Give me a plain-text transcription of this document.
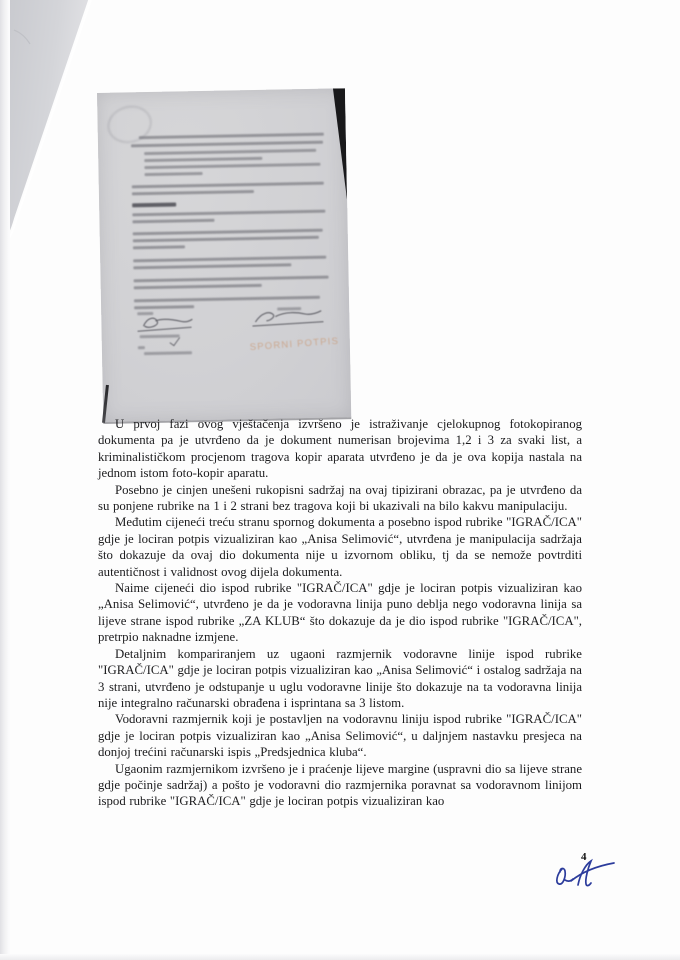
SPORNI POTPIS

U prvoj fazi ovog vještačenja izvršeno je istraživanje cjelokupnog fotokopiranog dokumenta pa je utvrđeno da je dokument numerisan brojevima 1,2 i 3 za svaki list, a kriminalističkom procjenom tragova kopir aparata utvrđeno je da je ova kopija nastala na jednom istom foto-kopir aparatu.

Posebno je cinjen unešeni rukopisni sadržaj na ovaj tipizirani obrazac, pa je utvrđeno da su ponjene rubrike na 1 i 2 strani bez tragova koji bi ukazivali na bilo kakvu manipulaciju.

Međutim cijeneći treću stranu spornog dokumenta a posebno ispod rubrike "IGRAČ/ICA" gdje je lociran potpis vizualiziran kao „Anisa Selimović“, utvrđena je manipulacija sadržaja što dokazuje da ovaj dio dokumenta nije u izvornom obliku, tj da se nemože povtrditi autentičnost i validnost ovog dijela dokumenta.

Naime cijeneći dio ispod rubrike "IGRAČ/ICA" gdje je lociran potpis vizualiziran kao „Anisa Selimović“, utvrđeno je da je vodoravna linija puno deblja nego vodoravna linija sa lijeve strane ispod rubrike „ZA KLUB“ što dokazuje da je dio ispod rubrike "IGRAČ/ICA", pretrpio naknadne izmjene.

Detaljnim kompariranjem uz ugaoni razmjernik vodoravne linije ispod rubrike "IGRAČ/ICA" gdje je lociran potpis vizualiziran kao „Anisa Selimović“ i ostalog sadržaja na 3 strani, utvrđeno je odstupanje u uglu vodoravne linije što dokazuje na ta vodoravna linija nije integralno računarski obrađena i isprintana sa 3 listom.

Vodoravni razmjernik koji je postavljen na vodoravnu liniju ispod rubrike "IGRAČ/ICA" gdje je lociran potpis vizualiziran kao „Anisa Selimović“, u daljnjem nastavku presjeca na donjoj trećini računarski ispis „Predsjednica kluba“.

Ugaonim razmjernikom izvršeno je i praćenje lijeve margine (uspravni dio sa lijeve strane gdje počinje sadržaj) a pošto je vodoravni dio razmjernika poravnat sa vodoravnom linijom ispod rubrike "IGRAČ/ICA" gdje je lociran potpis vizualiziran kao

4
